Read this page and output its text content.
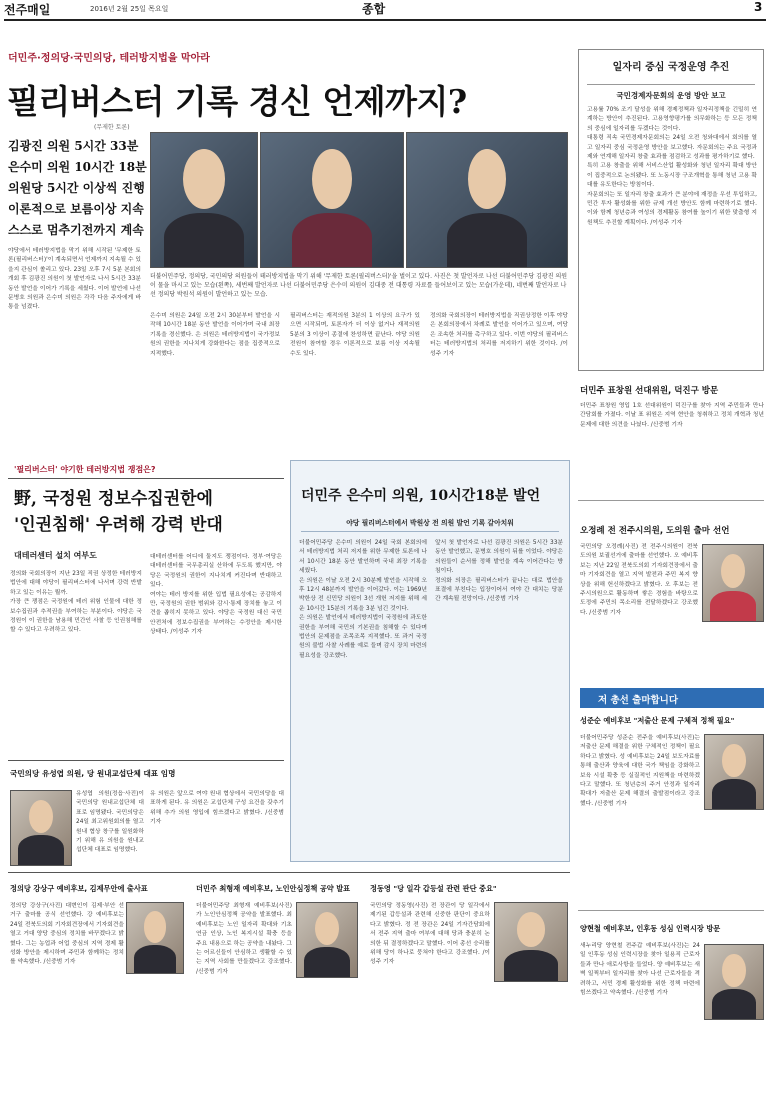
전주매일	2016년 2월 25일 목요일	종합	3
더민주·정의당·국민의당, 테러방지법을 막아라
필리버스터 기록 경신 언제까지?
(무제한 토론)
김광진 의원 5시간 33분
은수미 의원 10시간 18분
의원당 5시간 이상씩 진행
이론적으로 보름이상 지속
스스로 멈추기전까지 계속
더불어민주당, 정의당, 국민의당 의원들이 테러방지법을 막기 위해 '무제한 토론(필리버스터)'을 벌이고 있다. 사진은 첫 발언자로 나선 더불어민주당 김광진 의원이 물을 마시고 있는 모습(왼쪽), 세번째 발언자로 나선 더불어민주당 은수미 의원이 김대중 전 대통령 자료를 들어보이고 있는 모습(가운데), 네번째 발언자로 나선 정의당 박원석 의원이 발언하고 있는 모습.
야당에서 테러방지법을 막기 위해 시작된 '무제한 토론(필리버스터)'이 계속되면서 언제까지 지속될 수 있을지 관심이 쏠리고 있다. 23일 오후 7시 5분 본회의 개회 후 김광진 의원이 첫 발언자로 나서 5시간 33분 동안 발언을 이어가 기록을 세웠다. 이어 발언에 나선 문병호 의원과 은수미 의원은 각각 다음 주자에게 바통을 넘겼다.
은수미 의원은 24일 오전 2시 30분부터 발언을 시작해 10시간 18분 동안 발언을 이어가며 국내 최장 기록을 경신했다. 은 의원은 테러방지법이 국가정보원의 권한을 지나치게 강화한다는 점을 집중적으로 지적했다.
필리버스터는 재적의원 3분의 1 이상의 요구가 있으면 시작되며, 토론자가 더 이상 없거나 재적의원 5분의 3 이상이 종결에 찬성하면 끝난다. 야당 의원 전원이 참여할 경우 이론적으로 보름 이상 지속될 수도 있다.
정의화 국회의장이 테러방지법을 직권상정한 이후 야당은 본회의장에서 차례로 발언을 이어가고 있으며, 여당은 조속한 처리를 촉구하고 있다. 이번 야당의 필리버스터는 테러방지법의 처리를 저지하기 위한 것이다. /이성주 기자
일자리 중심 국정운영 추진
국민경제자문회의 운영 방안 보고

고용률 70% 조기 달성을 위해 경제정책과 일자리정책을 긴밀히 연계하는 방안이 추진된다. 고용영향평가를 의무화하는 등 모든 정책의 중심에 일자리를 두겠다는 것이다.

대통령 직속 국민경제자문회의는 24일 오전 청와대에서 회의를 열고 일자리 중심 국정운영 방안을 보고했다. 자문회의는 주요 국정과제와 연계해 일자리 창출 효과를 점검하고 성과를 평가하기로 했다.

특히 고용 창출을 위해 서비스산업 활성화와 청년 일자리 확대 방안이 집중적으로 논의됐다. 또 노동시장 구조개혁을 통해 청년 고용 확대를 유도한다는 방침이다.

자문회의는 또 일자리 창출 효과가 큰 분야에 재정을 우선 투입하고, 민간 투자 활성화를 위한 규제 개선 방안도 함께 마련하기로 했다. 이와 함께 청년층과 여성의 경제활동 참여를 높이기 위한 맞춤형 지원책도 추진할 계획이다. /이성주 기자

더민주 표창원 선대위원, 덕진구 방문
더민주 표창원 영입 1호 선대위원이 덕진구를 찾아 지역 주민들과 만나 간담회를 가졌다. 이날 표 위원은 지역 현안을 청취하고 정치 개혁과 청년 문제에 대한 의견을 나눴다. /신중범 기자
오정례 전 전주시의원, 도의원 출마 선언
국민의당 오정례(사진) 전 전주시의원이 전북도의원 보궐선거에 출마를 선언했다. 오 예비후보는 지난 22일 전북도의회 기자회견장에서 출마 기자회견을 열고 지역 발전과 주민 복지 향상을 위해 헌신하겠다고 밝혔다. 오 후보는 전주시의원으로 활동하며 쌓은 경험을 바탕으로 도정에 주민의 목소리를 전달하겠다고 강조했다. /신중범 기자
'필리버스터' 야기한 테러방지법 쟁점은?
野, 국정원 정보수집권한에
'인권침해' 우려해 강력 반대
대테러센터 설치 여부도

정의화 국회의장이 지난 23일 직권 상정한 테러방지법안에 대해 야당이 필리버스터에 나서며 강력 반발하고 있는 이유는 뭘까.

가장 큰 쟁점은 국정원에 테러 위험 인물에 대한 정보수집권과 추적권을 부여하는 부분이다. 야당은 국정원이 이 권한을 남용해 민간인 사찰 등 인권침해를 할 수 있다고 우려하고 있다.

대테러센터를 어디에 둘지도 쟁점이다. 정부·여당은 대테러센터를 국무총리실 산하에 두도록 했지만, 야당은 국정원의 권한이 지나치게 커진다며 반대하고 있다.

여야는 테러 방지를 위한 입법 필요성에는 공감하지만, 국정원의 권한 범위와 감시·통제 장치를 놓고 이견을 좁히지 못하고 있다. 야당은 국정원 대신 국민안전처에 정보수집권을 부여하는 수정안을 제시한 상태다. /이성주 기자

더민주 은수미 의원, 10시간18분 발언
야당 필리버스터에서 박원상 전 의원 발언 기록 갈아치워

더불어민주당 은수미 의원이 24일 국회 본회의에서 테러방지법 처리 저지를 위한 무제한 토론에 나서 10시간 18분 동안 발언하며 국내 최장 기록을 세웠다.

은 의원은 이날 오전 2시 30분께 발언을 시작해 오후 12시 48분까지 발언을 이어갔다. 이는 1969년 박한상 전 신민당 의원이 3선 개헌 저지를 위해 세운 10시간 15분의 기록을 3분 넘긴 것이다.

은 의원은 발언에서 테러방지법이 국정원에 과도한 권한을 부여해 국민의 기본권을 침해할 수 있다며 법안의 문제점을 조목조목 지적했다. 또 과거 국정원의 불법 사찰 사례를 예로 들며 감시 장치 마련의 필요성을 강조했다.

앞서 첫 발언자로 나선 김광진 의원은 5시간 33분 동안 발언했고, 문병호 의원이 뒤를 이었다. 야당은 의원들이 순서를 정해 발언을 계속 이어간다는 방침이다.

정의화 의장은 필리버스터가 끝나는 대로 법안을 표결에 부친다는 입장이어서 여야 간 대치는 당분간 계속될 전망이다. /신중범 기자

국민의당 유성엽 의원, 당 원내교섭단체 대표 임명
유성엽 의원(정읍·사진)이 국민의당 원내교섭단체 대표로 임명됐다. 국민의당은 24일 최고위원회의를 열고 원내 협상 창구를 일원화하기 위해 유 의원을 원내교섭단체 대표로 임명했다.
유 의원은 앞으로 여야 원내 협상에서 국민의당을 대표하게 된다. 유 의원은 교섭단체 구성 요건을 갖추기 위해 추가 의원 영입에 힘쓰겠다고 밝혔다. /신중범 기자
저 총선 출마합니다
성준순 예비후보 "저출산 문제 구체적 정책 필요"
더불어민주당 성준순 전주을 예비후보(사진)는 저출산 문제 해결을 위한 구체적인 정책이 필요하다고 밝혔다. 성 예비후보는 24일 보도자료를 통해 출산과 양육에 대한 국가 책임을 강화하고 보육 시설 확충 등 실질적인 지원책을 마련하겠다고 말했다. 또 청년층의 주거 안정과 일자리 확대가 저출산 문제 해결의 출발점이라고 강조했다. /신중범 기자
양현철 예비후보, 인후동 성심 인력시장 방문
새누리당 양현철 전주갑 예비후보(사진)는 24일 인후동 성심 인력시장을 찾아 일용직 근로자들과 만나 애로사항을 들었다. 양 예비후보는 새벽 일찍부터 일자리를 찾아 나선 근로자들을 격려하고, 서민 경제 활성화를 위한 정책 마련에 힘쓰겠다고 약속했다. /신중범 기자
정의당 강상구 예비후보, 김제무안에 출사표
정의당 강상구(사진) 대변인이 김제·부안 선거구 출마를 공식 선언했다. 강 예비후보는 24일 전북도의회 기자회견장에서 기자회견을 열고 거대 양당 중심의 정치를 바꾸겠다고 밝혔다. 그는 농업과 어업 중심의 지역 경제 활성화 방안을 제시하며 주민과 함께하는 정치를 약속했다. /신중범 기자
더민주 최형재 예비후보, 노인안심정책 공약 발표
더불어민주당 최형재 예비후보(사진)가 노인안심정책 공약을 발표했다. 최 예비후보는 노인 일자리 확대와 기초연금 인상, 노인 복지시설 확충 등을 주요 내용으로 하는 공약을 내놨다. 그는 어르신들이 안심하고 생활할 수 있는 지역 사회를 만들겠다고 강조했다. /신중범 기자
정동영 "당 일각 갑등설 관련 판단 중요"
국민의당 정동영(사진) 전 장관이 당 일각에서 제기된 갑등설과 관련해 신중한 판단이 중요하다고 밝혔다. 정 전 장관은 24일 기자간담회에서 전주 지역 출마 여부에 대해 당과 충분히 논의한 뒤 결정하겠다고 말했다. 이어 총선 승리를 위해 당이 하나로 뭉쳐야 한다고 강조했다. /이성주 기자
